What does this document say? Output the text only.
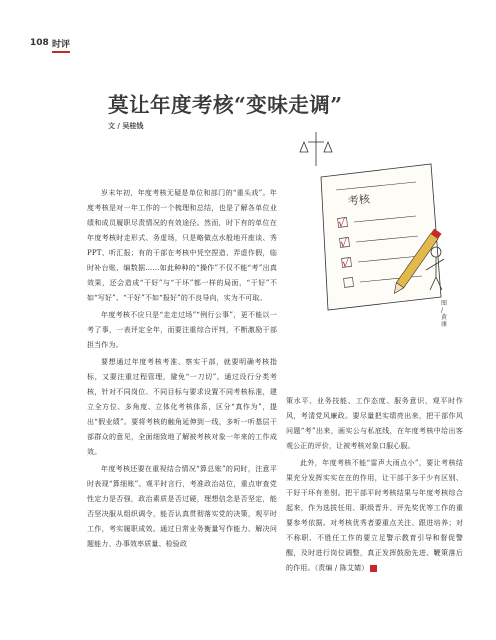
108 时评
莫让年度考核“变味走调”
文 / 吴桂钱
考核
√
√
√
图 / 黄康

岁末年初，年度考核无疑是单位和部门的“重头戏”。年度考核是对一年工作的一个梳理和总结，也是了解各单位业绩和成员履职尽责情况的有效途径。然而，时下有的单位在年度考核时走形式、务虚场，只是略做点水般地开座谈、秀PPT、听汇报；有的干部在考核中凭空捏造、弄虚作假，临时补台账、编数据……如此种种的“操作”不仅不能“考”出真效果，还会造成“干好”与“干坏”都一样的局面，“干好”不如“写好”、“干好”不如“报好”的不良导向，实为不可取。

年度考核不应只是“走走过场”“例行公事”，更不能以一考了事，一表评定全年，而要注重综合评判，不断激励干部担当作为。

要想通过年度考核考准、察实干部，就要明确考核指标，又要注重过程管理，避免“一刀切”。通过设行分类考核，针对不同岗位、不同目标与要求设置不同考核标准，建立全方位、多角度、立体化考核体系，区分“真作为”，提出“假业绩”。要将考核的触角延伸到一线，多听一听基层干部群众的意见，全面细致地了解被考核对象一年来的工作成效。

年度考核还要在重视结合情况“算总账”的同时，注意平时表现“算细账”。观平时言行，考准政治站位，重点审查党性定力是否强，政治素质是否过硬，理想信念是否坚定，能否坚决服从组织调令，能否认真贯彻落实党的决策，观平时工作，考实履职成效。通过日常业务衡量写作能力、解决问题能力、办事效率质量、检验政

策水平、业务技能、工作态度、服务意识，观平时作风，考清党风廉政。要尽量把实绩亮出来，把干部作风问题“考”出来，画实公与私底线，在年度考核中给出客观公正的评价，让被考核对象口服心服。

此外，年度考核不能“雷声大雨点小”，要让考核结果充分发挥实实在在的作用，让干部干多干少有区别、干好干坏有差别。把干部平时考核结果与年度考核综合起来，作为选拔任用、职级晋升、评先奖优等工作的重要参考依据。对考核优秀者要重点关注、跟进培养；对不称职、不胜任工作的要立足警示教育引导和督促警醒，及时进行岗位调整，真正发挥鼓励先进、鞭策落后的作用。（责编 / 陈艾婧）
